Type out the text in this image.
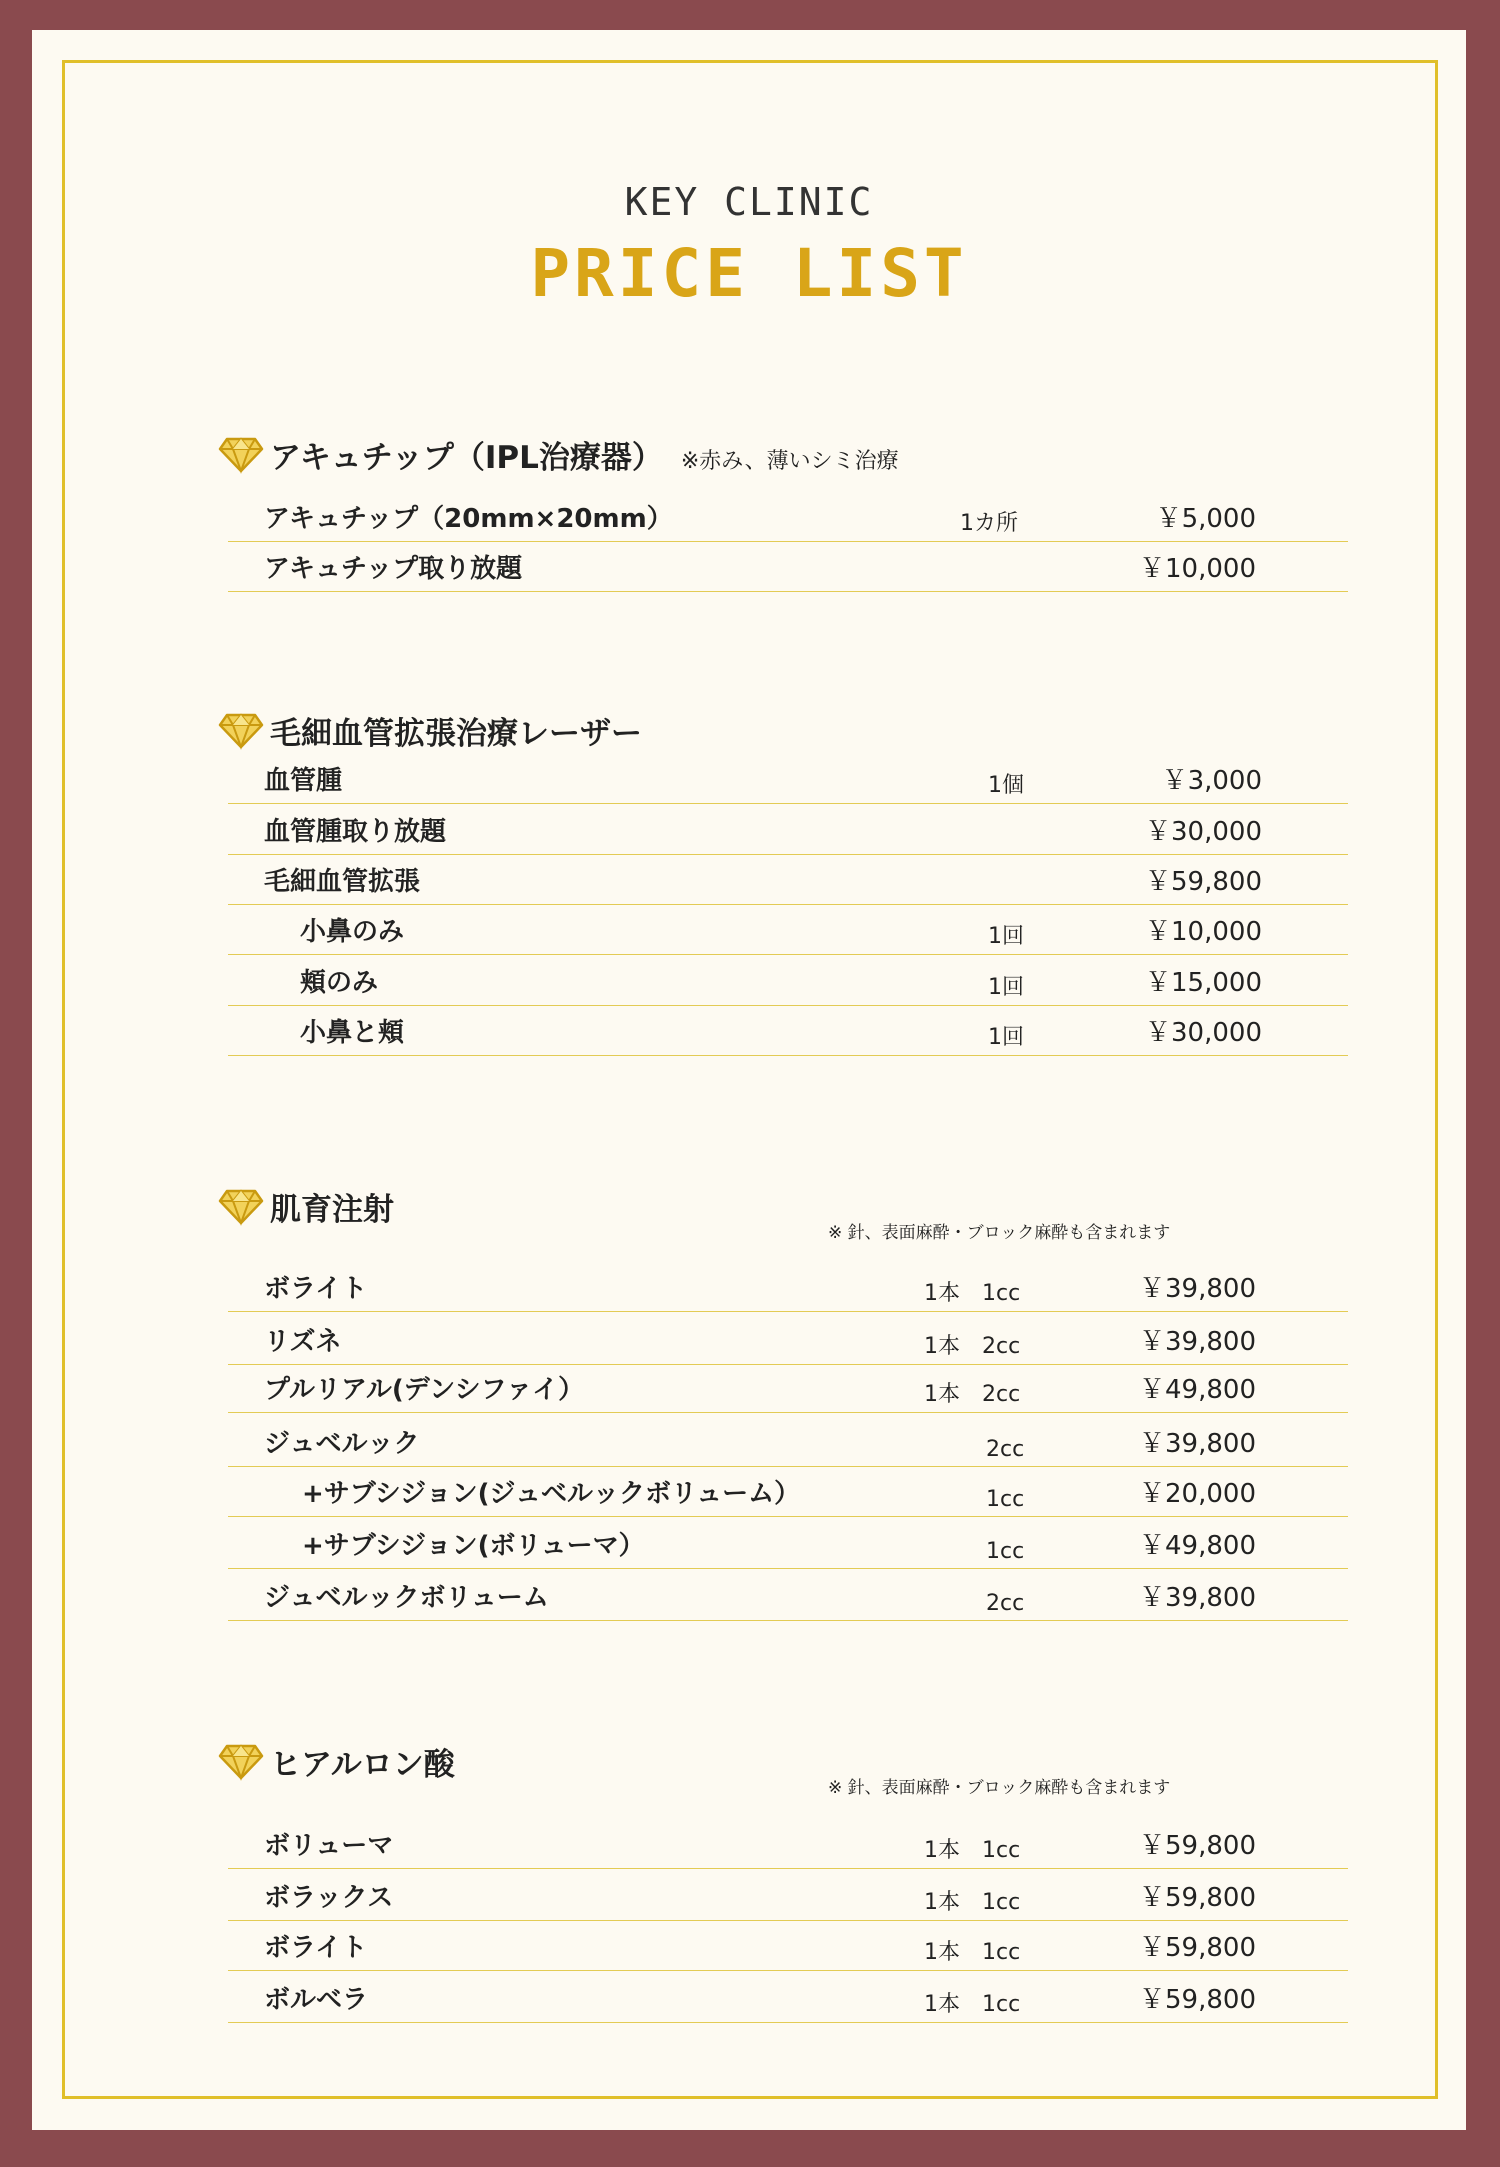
KEY CLINIC
PRICE LIST
アキュチップ（IPL治療器） ※赤み、薄いシミ治療
アキュチップ（20mm×20mm）	1カ所	￥5,000
アキュチップ取り放題	￥10,000
毛細血管拡張治療レーザー
血管腫	1個	￥3,000
血管腫取り放題	￥30,000
毛細血管拡張	￥59,800
小鼻のみ	1回	￥10,000
頬のみ	1回	￥15,000
小鼻と頬	1回	￥30,000
肌育注射
※ 針、表面麻酔・ブロック麻酔も含まれます
ボライト	1本　1cc	￥39,800
リズネ	1本　2cc	￥39,800
プルリアル(デンシファイ）	1本　2cc	￥49,800
ジュベルック	2cc	￥39,800
+サブシジョン(ジュベルックボリューム）	1cc	￥20,000
+サブシジョン(ボリューマ）	1cc	￥49,800
ジュベルックボリューム	2cc	￥39,800
ヒアルロン酸
※ 針、表面麻酔・ブロック麻酔も含まれます
ボリューマ	1本　1cc	￥59,800
ボラックス	1本　1cc	￥59,800
ボライト	1本　1cc	￥59,800
ボルベラ	1本　1cc	￥59,800
